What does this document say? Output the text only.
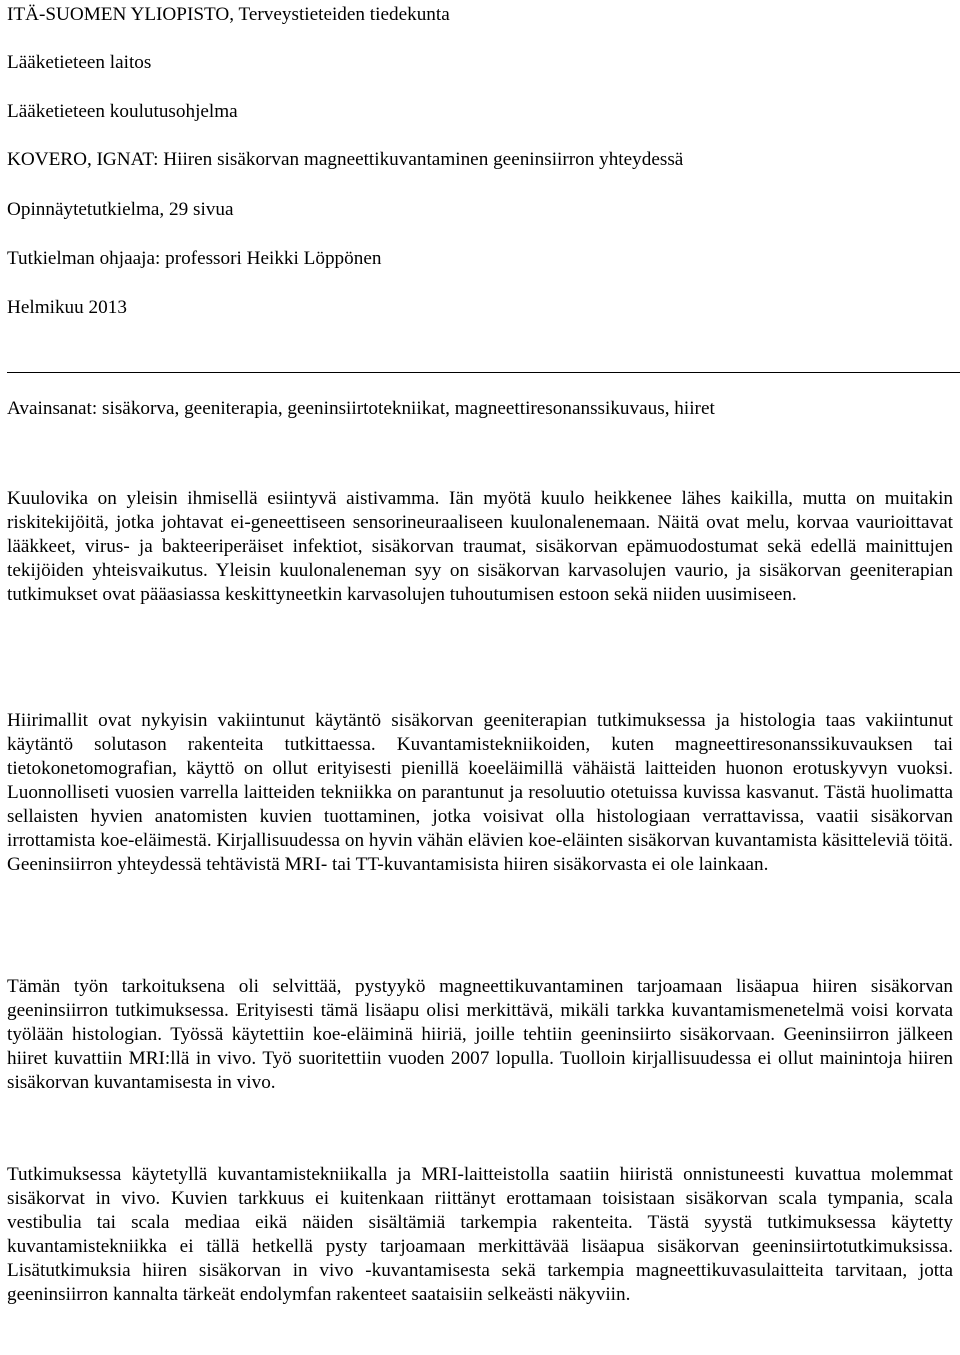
ITÄ-SUOMEN YLIOPISTO, Terveystieteiden tiedekunta
Lääketieteen laitos
Lääketieteen koulutusohjelma
KOVERO, IGNAT: Hiiren sisäkorvan magneettikuvantaminen geeninsiirron yhteydessä
Opinnäytetutkielma, 29 sivua
Tutkielman ohjaaja: professori Heikki Löppönen
Helmikuu 2013
Avainsanat: sisäkorva, geeniterapia, geeninsiirtotekniikat, magneettiresonanssikuvaus, hiiret

Kuulovika on yleisin ihmisellä esiintyvä aistivamma. Iän myötä kuulo heikkenee lähes kaikilla, mutta on muitakin riskitekijöitä, jotka johtavat ei-geneettiseen sensorineuraaliseen kuulonalenemaan. Näitä ovat melu, korvaa vaurioittavat lääkkeet, virus- ja bakteeriperäiset infektiot, sisäkorvan traumat, sisäkorvan epämuodostumat sekä edellä mainittujen tekijöiden yhteisvaikutus. Yleisin kuulonaleneman syy on sisäkorvan karvasolujen vaurio, ja sisäkorvan geeniterapian tutkimukset ovat pääasiassa keskittyneetkin karvasolujen tuhoutumisen estoon sekä niiden uusimiseen.

Hiirimallit ovat nykyisin vakiintunut käytäntö sisäkorvan geeniterapian tutkimuksessa ja histologia taas vakiintunut käytäntö solutason rakenteita tutkittaessa. Kuvantamistekniikoiden, kuten magneettiresonanssikuvauksen tai tietokonetomografian, käyttö on ollut erityisesti pienillä koeeläimillä vähäistä laitteiden huonon erotuskyvyn vuoksi. Luonnolliseti vuosien varrella laitteiden tekniikka on parantunut ja resoluutio otetuissa kuvissa kasvanut. Tästä huolimatta sellaisten hyvien anatomisten kuvien tuottaminen, jotka voisivat olla histologiaan verrattavissa, vaatii sisäkorvan irrottamista koe-eläimestä. Kirjallisuudessa on hyvin vähän elävien koe-eläinten sisäkorvan kuvantamista käsitteleviä töitä. Geeninsiirron yhteydessä tehtävistä MRI- tai TT-kuvantamisista hiiren sisäkorvasta ei ole lainkaan.

Tämän työn tarkoituksena oli selvittää, pystyykö magneettikuvantaminen tarjoamaan lisäapua hiiren sisäkorvan geeninsiirron tutkimuksessa. Erityisesti tämä lisäapu olisi merkittävä, mikäli tarkka kuvantamismenetelmä voisi korvata työlään histologian. Työssä käytettiin koe-eläiminä hiiriä, joille tehtiin geeninsiirto sisäkorvaan. Geeninsiirron jälkeen hiiret kuvattiin MRI:llä in vivo. Työ suoritettiin vuoden 2007 lopulla. Tuolloin kirjallisuudessa ei ollut mainintoja hiiren sisäkorvan kuvantamisesta in vivo.

Tutkimuksessa käytetyllä kuvantamistekniikalla ja MRI-laitteistolla saatiin hiiristä onnistuneesti kuvattua molemmat sisäkorvat in vivo. Kuvien tarkkuus ei kuitenkaan riittänyt erottamaan toisistaan sisäkorvan scala tympania, scala vestibulia tai scala mediaa eikä näiden sisältämiä tarkempia rakenteita. Tästä syystä tutkimuksessa käytetty kuvantamistekniikka ei tällä hetkellä pysty tarjoamaan merkittävää lisäapua sisäkorvan geeninsiirtotutkimuksissa. Lisätutkimuksia hiiren sisäkorvan in vivo -kuvantamisesta sekä tarkempia magneettikuvasulaitteita tarvitaan, jotta geeninsiirron kannalta tärkeät endolymfan rakenteet saataisiin selkeästi näkyviin.
